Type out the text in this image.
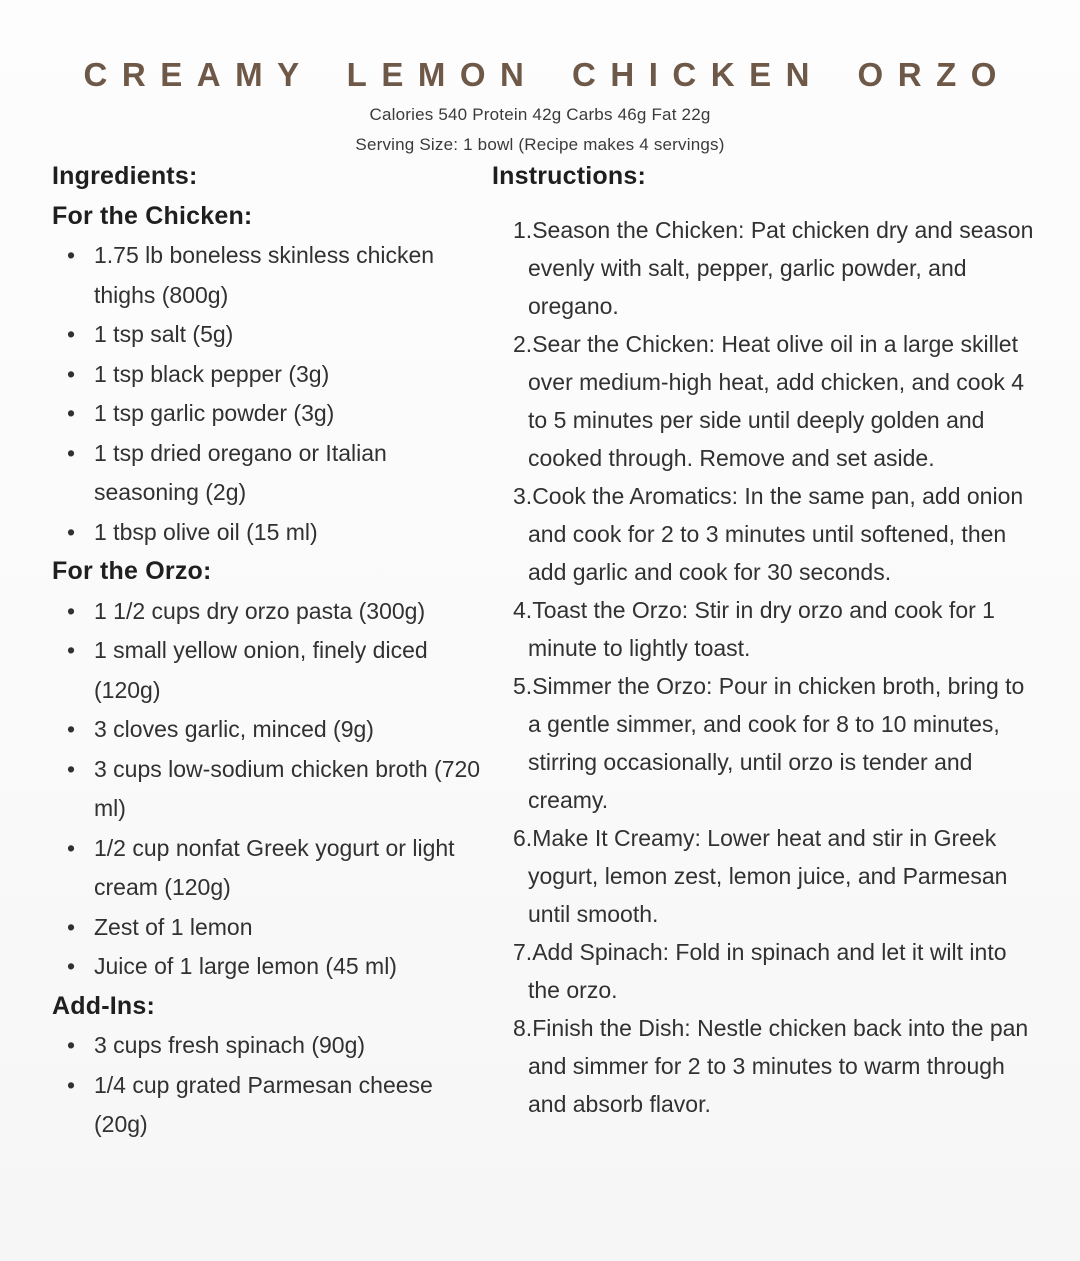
CREAMY LEMON CHICKEN ORZO

Calories 540 Protein 42g Carbs 46g Fat 22g

Serving Size: 1 bowl (Recipe makes 4 servings)

Ingredients:
For the Chicken:
• 1.75 lb boneless skinless chicken thighs (800g)
• 1 tsp salt (5g)
• 1 tsp black pepper (3g)
• 1 tsp garlic powder (3g)
• 1 tsp dried oregano or Italian seasoning (2g)
• 1 tbsp olive oil (15 ml)
For the Orzo:
• 1 1/2 cups dry orzo pasta (300g)
• 1 small yellow onion, finely diced (120g)
• 3 cloves garlic, minced (9g)
• 3 cups low-sodium chicken broth (720 ml)
• 1/2 cup nonfat Greek yogurt or light cream (120g)
• Zest of 1 lemon
• Juice of 1 large lemon (45 ml)
Add-Ins:
• 3 cups fresh spinach (90g)
• 1/4 cup grated Parmesan cheese (20g)
Instructions:
1.Season the Chicken: Pat chicken dry and season evenly with salt, pepper, garlic powder, and oregano.
2.Sear the Chicken: Heat olive oil in a large skillet over medium-high heat, add chicken, and cook 4 to 5 minutes per side until deeply golden and cooked through. Remove and set aside.
3.Cook the Aromatics: In the same pan, add onion and cook for 2 to 3 minutes until softened, then add garlic and cook for 30 seconds.
4.Toast the Orzo: Stir in dry orzo and cook for 1 minute to lightly toast.
5.Simmer the Orzo: Pour in chicken broth, bring to a gentle simmer, and cook for 8 to 10 minutes, stirring occasionally, until orzo is tender and creamy.
6.Make It Creamy: Lower heat and stir in Greek yogurt, lemon zest, lemon juice, and Parmesan until smooth.
7.Add Spinach: Fold in spinach and let it wilt into the orzo.
8.Finish the Dish: Nestle chicken back into the pan and simmer for 2 to 3 minutes to warm through and absorb flavor.
